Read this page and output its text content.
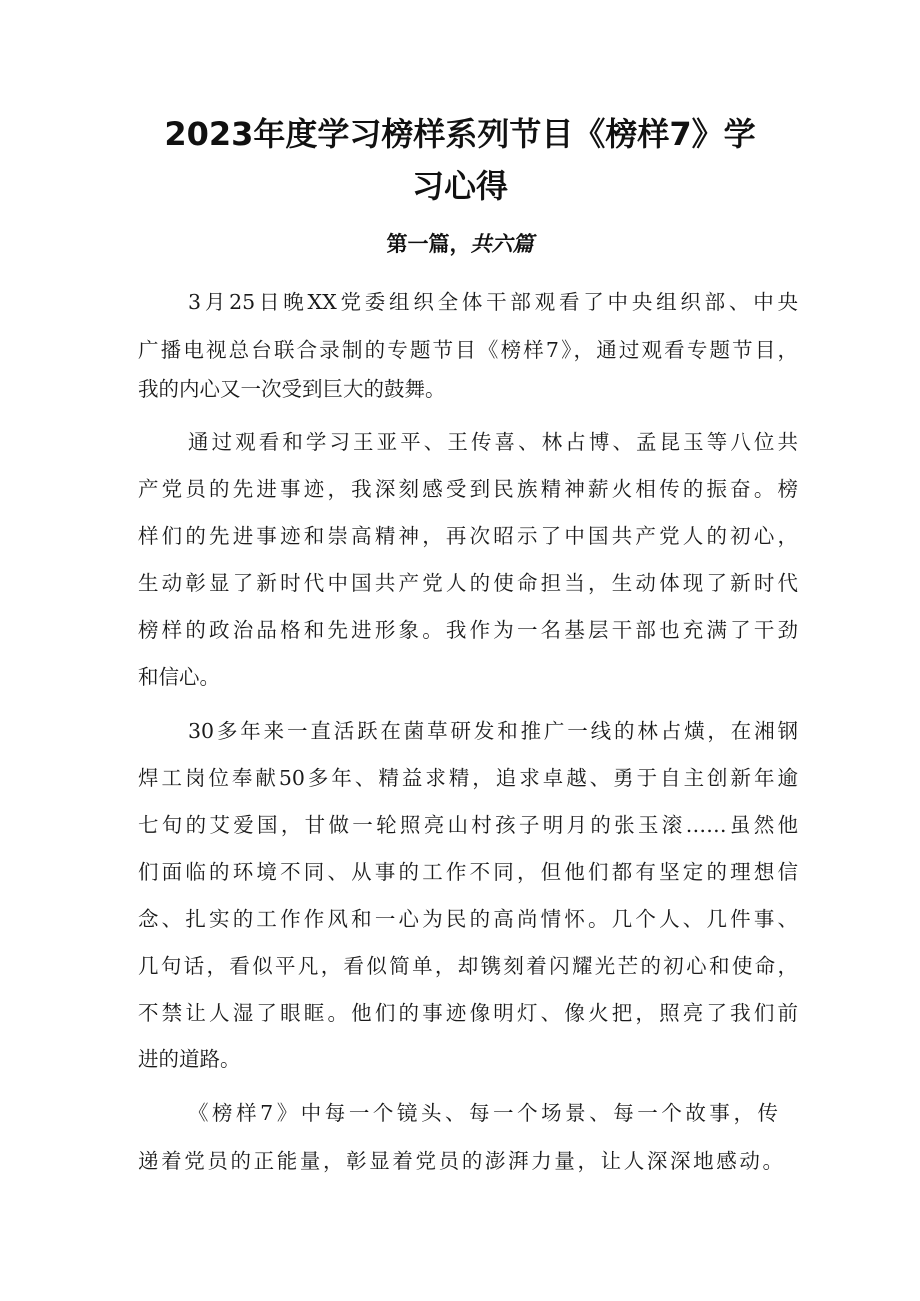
2023年度学习榜样系列节目《榜样7》学
习心得
第一篇，共六篇
3月25日晚XX党委组织全体干部观看了中央组织部、中央
广播电视总台联合录制的专题节目《榜样7》，通过观看专题节目，
我的内心又一次受到巨大的鼓舞。
通过观看和学习王亚平、王传喜、林占博、孟昆玉等八位共
产党员的先进事迹，我深刻感受到民族精神薪火相传的振奋。榜
样们的先进事迹和崇高精神，再次昭示了中国共产党人的初心，
生动彰显了新时代中国共产党人的使命担当，生动体现了新时代
榜样的政治品格和先进形象。我作为一名基层干部也充满了干劲
和信心。
30多年来一直活跃在菌草研发和推广一线的林占熿，在湘钢
焊工岗位奉献50多年、精益求精，追求卓越、勇于自主创新年逾
七旬的艾爱国，甘做一轮照亮山村孩子明月的张玉滚……虽然他
们面临的环境不同、从事的工作不同，但他们都有坚定的理想信
念、扎实的工作作风和一心为民的高尚情怀。几个人、几件事、
几句话，看似平凡，看似简单，却镌刻着闪耀光芒的初心和使命，
不禁让人湿了眼眶。他们的事迹像明灯、像火把，照亮了我们前
进的道路。
《榜样7》中每一个镜头、每一个场景、每一个故事，传
递着党员的正能量，彰显着党员的澎湃力量，让人深深地感动。
